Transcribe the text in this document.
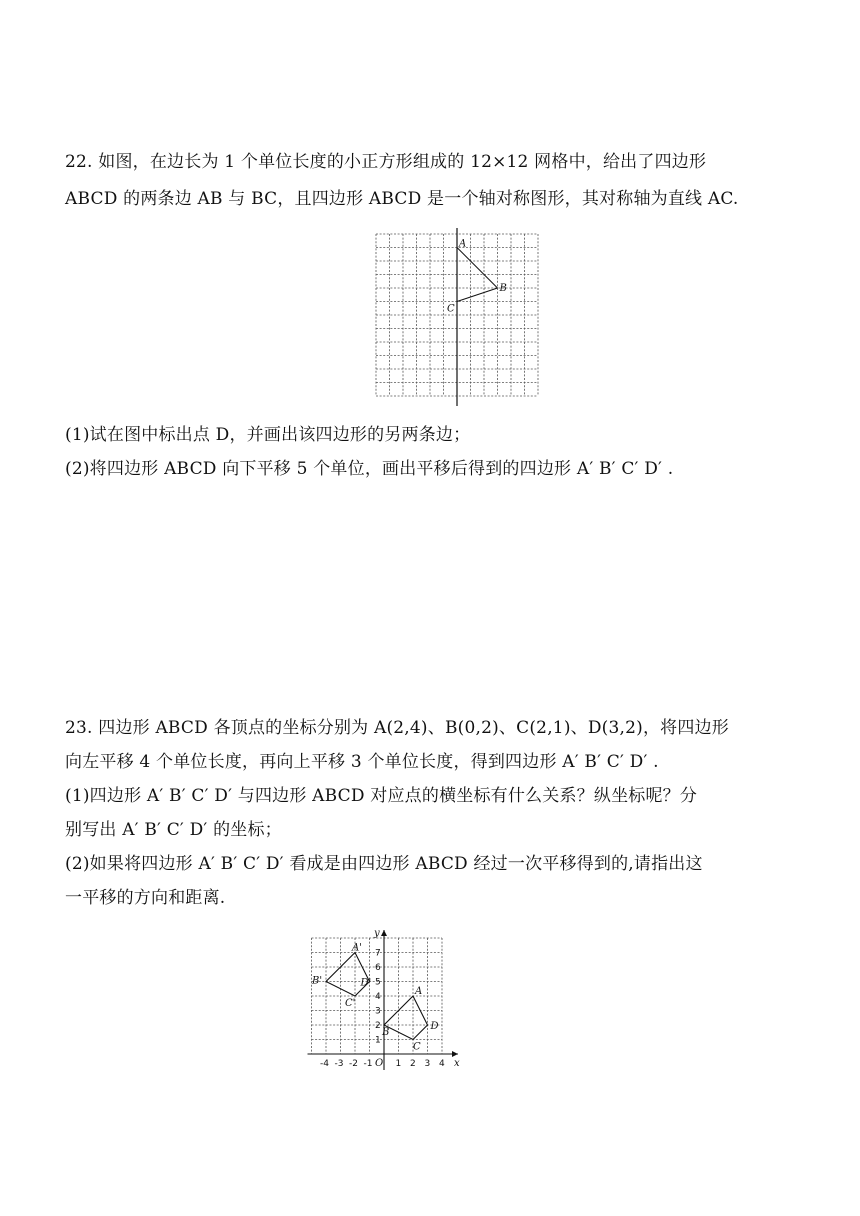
22. 如图，在边长为 1 个单位长度的小正方形组成的 12×12 网格中，给出了四边形
ABCD 的两条边 AB 与 BC，且四边形 ABCD 是一个轴对称图形，其对称轴为直线 AC.
A
B
C
(1)试在图中标出点 D，并画出该四边形的另两条边；
(2)将四边形 ABCD 向下平移 5 个单位，画出平移后得到的四边形 A′ B′ C′ D′ .
23. 四边形 ABCD 各顶点的坐标分别为 A(2,4)、B(0,2)、C(2,1)、D(3,2)，将四边形
向左平移 4 个单位长度，再向上平移 3 个单位长度，得到四边形 A′ B′ C′ D′ .
(1)四边形 A′ B′ C′ D′ 与四边形 ABCD 对应点的横坐标有什么关系？纵坐标呢？分
别写出 A′ B′ C′ D′ 的坐标；
(2)如果将四边形 A′ B′ C′ D′ 看成是由四边形 ABCD 经过一次平移得到的,请指出这
一平移的方向和距离.
x
y
O
-4 -3 -2 -1	1 2 3 4
1
2
3
4
5
6
7
A
B
C
D
A'
B'
C'
D'
